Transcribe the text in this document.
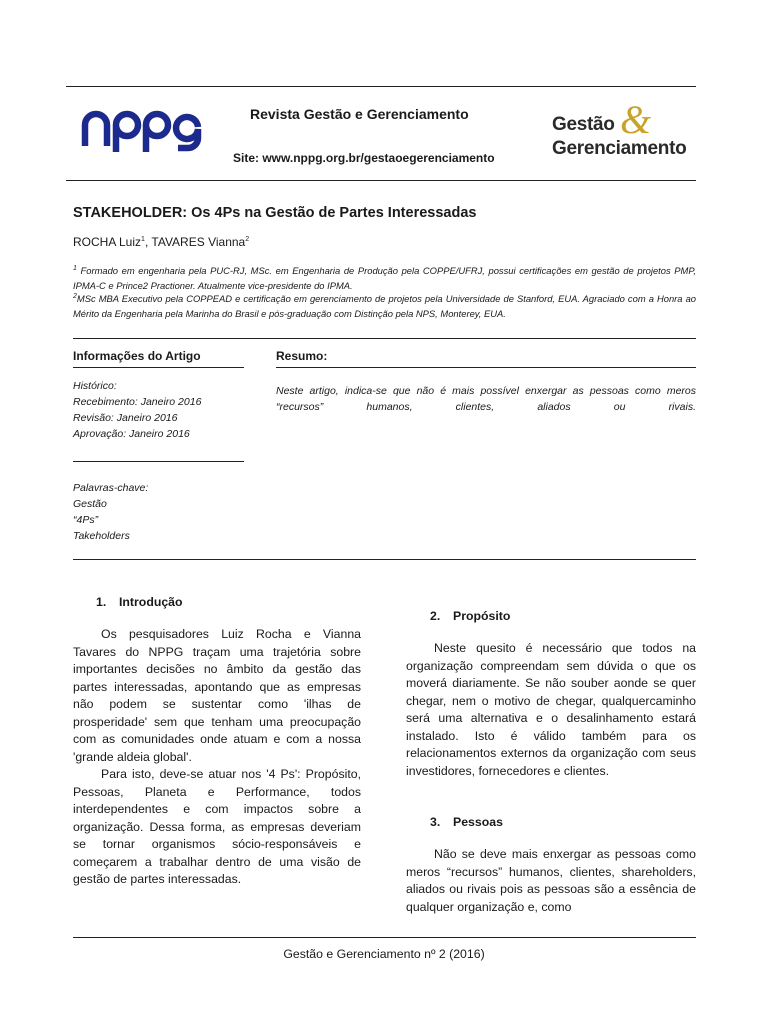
Revista Gestão e Gerenciamento
Site: www.nppg.org.br/gestaoegerenciamento
&
Gestão
Gerenciamento
STAKEHOLDER: Os 4Ps na Gestão de Partes Interessadas
ROCHA Luiz$^1$, TAVARES Vianna$^2$
$^1$ Formado em engenharia pela PUC-RJ, MSc. em Engenharia de Produção pela COPPE/UFRJ, possui certificações em gestão de projetos PMP, IPMA-C e Prince2 Practioner. Atualmente vice-presidente do IPMA.
$^2$MSc MBA Executivo pela COPPEAD e certificação em gerenciamento de projetos pela Universidade de Stanford, EUA. Agraciado com a Honra ao Mérito da Engenharia pela Marinha do Brasil e pós-graduação com Distinção pela NPS, Monterey, EUA.
Informações do Artigo	Resumo:
Histórico:
Recebimento: Janeiro 2016
Revisão: Janeiro 2016
Aprovação: Janeiro 2016
Palavras-chave:
Gestão
“4Ps”
Takeholders
Neste artigo, indica-se que não é mais possível enxergar as pessoas como meros “recursos” humanos, clientes, aliados ou rivais.
1. Introdução

Os pesquisadores Luiz Rocha e Vianna Tavares do NPPG traçam uma trajetória sobre importantes decisões no âmbito da gestão das partes interessadas, apontando que as empresas não podem se sustentar como 'ilhas de prosperidade' sem que tenham uma preocupação com as comunidades onde atuam e com a nossa 'grande aldeia global'.

Para isto, deve-se atuar nos '4 Ps': Propósito, Pessoas, Planeta e Performance, todos interdependentes e com impactos sobre a organização. Dessa forma, as empresas deveriam se tornar organismos sócio-responsáveis e começarem a trabalhar dentro de uma visão de gestão de partes interessadas.

2. Propósito

Neste quesito é necessário que todos na organização compreendam sem dúvida o que os moverá diariamente. Se não souber aonde se quer chegar, nem o motivo de chegar, qualquercaminho será uma alternativa e o desalinhamento estará instalado. Isto é válido também para os relacionamentos externos da organização com seus investidores, fornecedores e clientes.

3. Pessoas

Não se deve mais enxergar as pessoas como meros “recursos” humanos, clientes, shareholders, aliados ou rivais pois as pessoas são a essência de qualquer organização e, como

Gestão e Gerenciamento nº 2 (2016)
